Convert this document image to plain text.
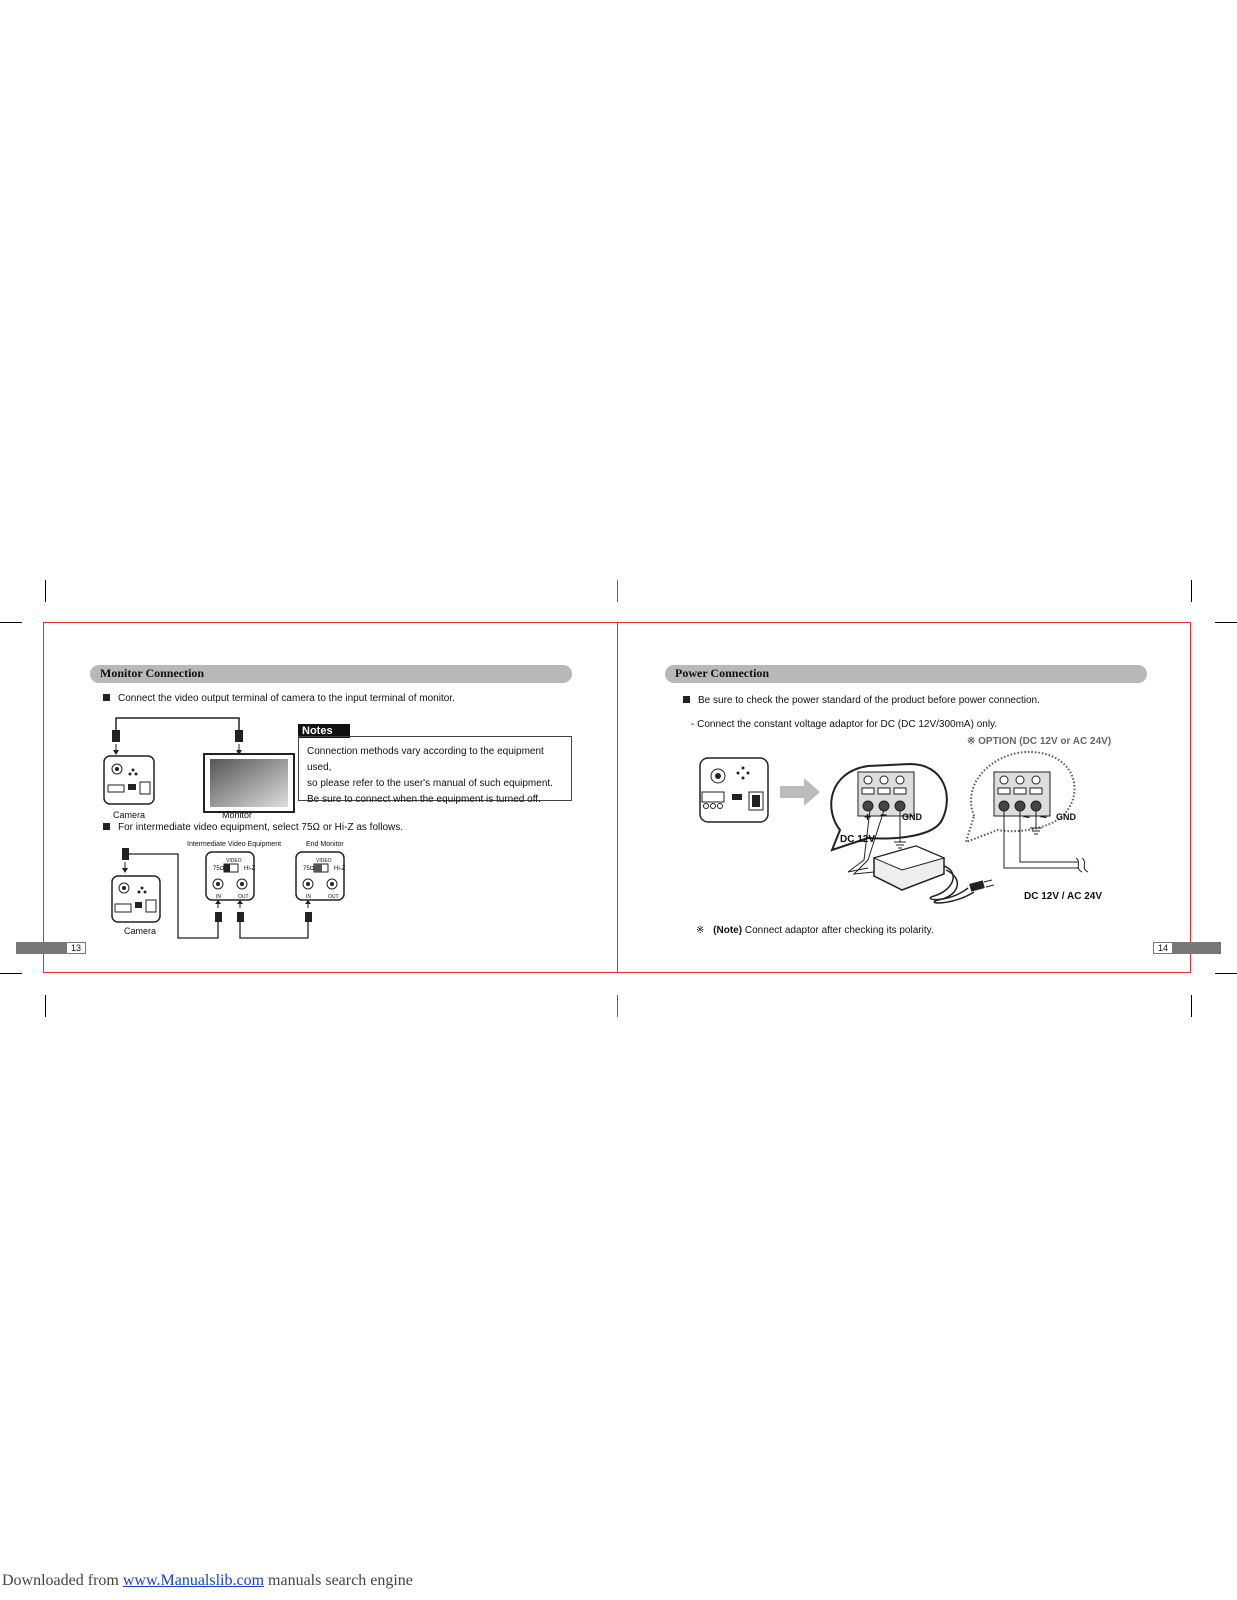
Monitor Connection
Connect the video output terminal of camera to the input terminal of monitor.
Camera	Monitor
Notes
Connection methods vary according to the equipment used,
so please refer to the user's manual of such equipment.
Be sure to connect when the equipment is turned off.
For intermediate video equipment, select 75Ω or Hi-Z as follows.
Intermediate Video Equipment	End Monitor
VIDEO
75Ω	Hi-Z
IN	OUT
VIDEO
75Ω	Hi-Z
IN	OUT
Camera
13
Power Connection
Be sure to check the power standard of the product before power connection.
- Connect the constant voltage adaptor for DC (DC 12V/300mA) only.
※ OPTION (DC 12V or AC 24V)
+ − GND
DC 12V
~ ~ GND
DC 12V / AC 24V
※ (Note) Connect adaptor after checking its polarity.
14
Downloaded from www.Manualslib.com manuals search engine
